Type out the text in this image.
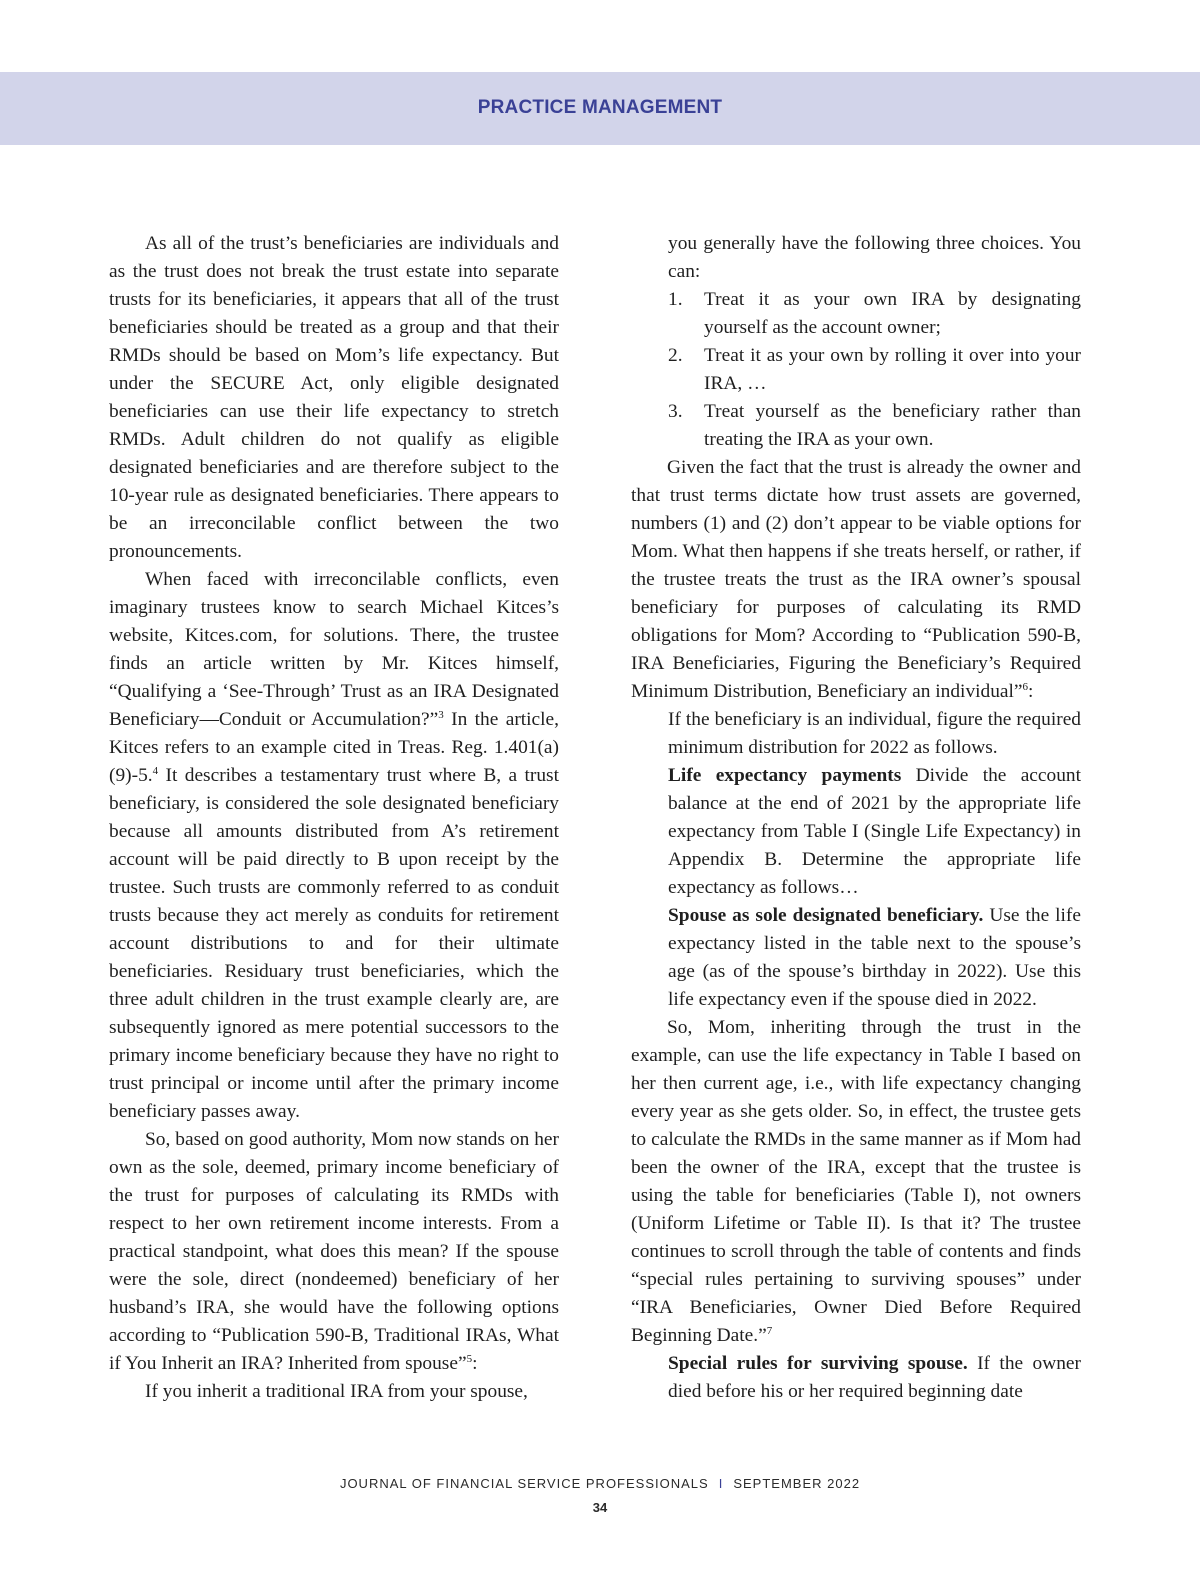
PRACTICE MANAGEMENT

As all of the trust’s beneficiaries are individuals and as the trust does not break the trust estate into separate trusts for its beneficiaries, it appears that all of the trust beneficiaries should be treated as a group and that their RMDs should be based on Mom’s life expectancy. But under the SECURE Act, only eligible designated beneficiaries can use their life expectancy to stretch RMDs. Adult children do not qualify as eligible designated beneficiaries and are therefore subject to the 10-year rule as designated beneficiaries. There appears to be an irreconcilable conflict between the two pronouncements.

When faced with irreconcilable conflicts, even imaginary trustees know to search Michael Kitces’s website, Kitces.com, for solutions. There, the trustee finds an article written by Mr. Kitces himself, “Qualifying a ‘See-Through’ Trust as an IRA Designated Beneficiary—Conduit or Accumulation?”$^3$ In the article, Kitces refers to an example cited in Treas. Reg. 1.401(a)(9)-5.$^4$ It describes a testamentary trust where B, a trust beneficiary, is considered the sole designated beneficiary because all amounts distributed from A’s retirement account will be paid directly to B upon receipt by the trustee. Such trusts are commonly referred to as conduit trusts because they act merely as conduits for retirement account distributions to and for their ultimate beneficiaries. Residuary trust beneficiaries, which the three adult children in the trust example clearly are, are subsequently ignored as mere potential successors to the primary income beneficiary because they have no right to trust principal or income until after the primary income beneficiary passes away.

So, based on good authority, Mom now stands on her own as the sole, deemed, primary income beneficiary of the trust for purposes of calculating its RMDs with respect to her own retirement income interests. From a practical standpoint, what does this mean? If the spouse were the sole, direct (nondeemed) beneficiary of her husband’s IRA, she would have the following options according to “Publication 590-B, Traditional IRAs, What if You Inherit an IRA? Inherited from spouse”$^5$:

If you inherit a traditional IRA from your spouse,

you generally have the following three choices. You can:

1. Treat it as your own IRA by designating yourself as the account owner;
2. Treat it as your own by rolling it over into your IRA, …
3. Treat yourself as the beneficiary rather than treating the IRA as your own.

Given the fact that the trust is already the owner and that trust terms dictate how trust assets are governed, numbers (1) and (2) don’t appear to be viable options for Mom. What then happens if she treats herself, or rather, if the trustee treats the trust as the IRA owner’s spousal beneficiary for purposes of calculating its RMD obligations for Mom? According to “Publication 590-B, IRA Beneficiaries, Figuring the Beneficiary’s Required Minimum Distribution, Beneficiary an individual”$^6$:

If the beneficiary is an individual, figure the required minimum distribution for 2022 as follows.

Life expectancy payments Divide the account balance at the end of 2021 by the appropriate life expectancy from Table I (Single Life Expectancy) in Appendix B. Determine the appropriate life expectancy as follows…

Spouse as sole designated beneficiary. Use the life expectancy listed in the table next to the spouse’s age (as of the spouse’s birthday in 2022). Use this life expectancy even if the spouse died in 2022.

So, Mom, inheriting through the trust in the example, can use the life expectancy in Table I based on her then current age, i.e., with life expectancy changing every year as she gets older. So, in effect, the trustee gets to calculate the RMDs in the same manner as if Mom had been the owner of the IRA, except that the trustee is using the table for beneficiaries (Table I), not owners (Uniform Lifetime or Table II). Is that it? The trustee continues to scroll through the table of contents and finds “special rules pertaining to surviving spouses” under “IRA Beneficiaries, Owner Died Before Required Beginning Date.”$^7$

Special rules for surviving spouse. If the owner died before his or her required beginning date

JOURNAL OF FINANCIAL SERVICE PROFESSIONALS I SEPTEMBER 2022
34
